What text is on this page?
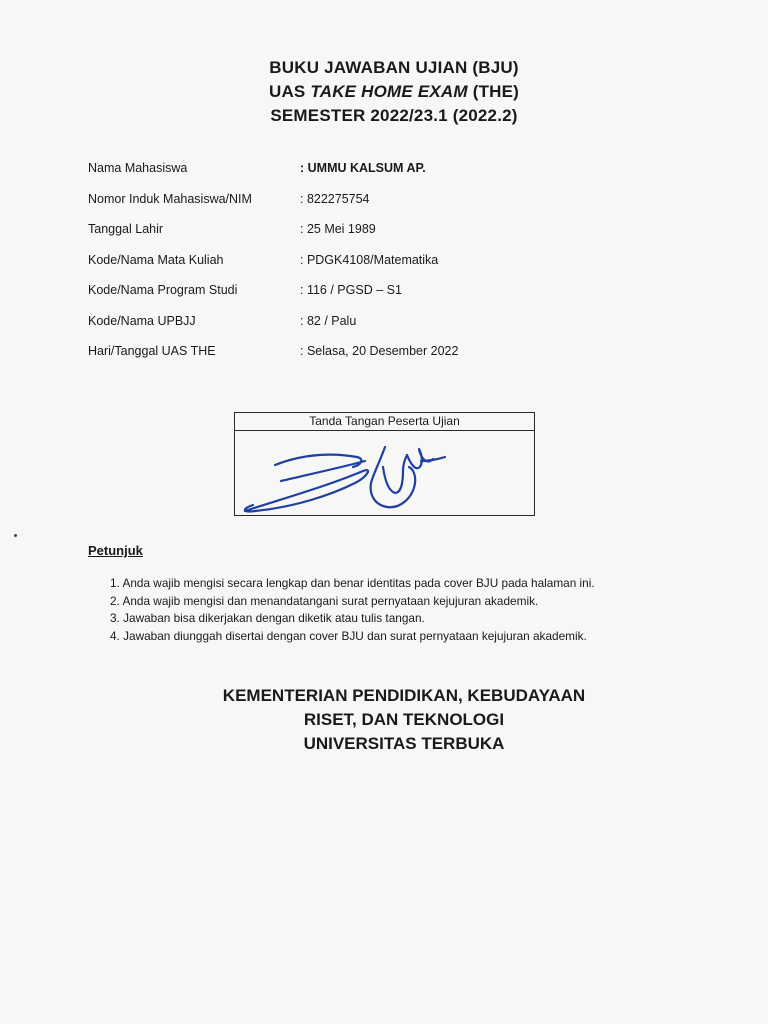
BUKU JAWABAN UJIAN (BJU)
UAS TAKE HOME EXAM (THE)
SEMESTER 2022/23.1 (2022.2)
Nama Mahasiswa	: UMMU KALSUM AP.
Nomor Induk Mahasiswa/NIM	: 822275754
Tanggal Lahir	: 25 Mei 1989
Kode/Nama Mata Kuliah	: PDGK4108/Matematika
Kode/Nama Program Studi	: 116 / PGSD – S1
Kode/Nama UPBJJ	: 82 / Palu
Hari/Tanggal UAS THE	: Selasa, 20 Desember 2022
Tanda Tangan Peserta Ujian
Petunjuk
1. Anda wajib mengisi secara lengkap dan benar identitas pada cover BJU pada halaman ini.
2. Anda wajib mengisi dan menandatangani surat pernyataan kejujuran akademik.
3. Jawaban bisa dikerjakan dengan diketik atau tulis tangan.
4. Jawaban diunggah disertai dengan cover BJU dan surat pernyataan kejujuran akademik.
KEMENTERIAN PENDIDIKAN, KEBUDAYAAN
RISET, DAN TEKNOLOGI
UNIVERSITAS TERBUKA
